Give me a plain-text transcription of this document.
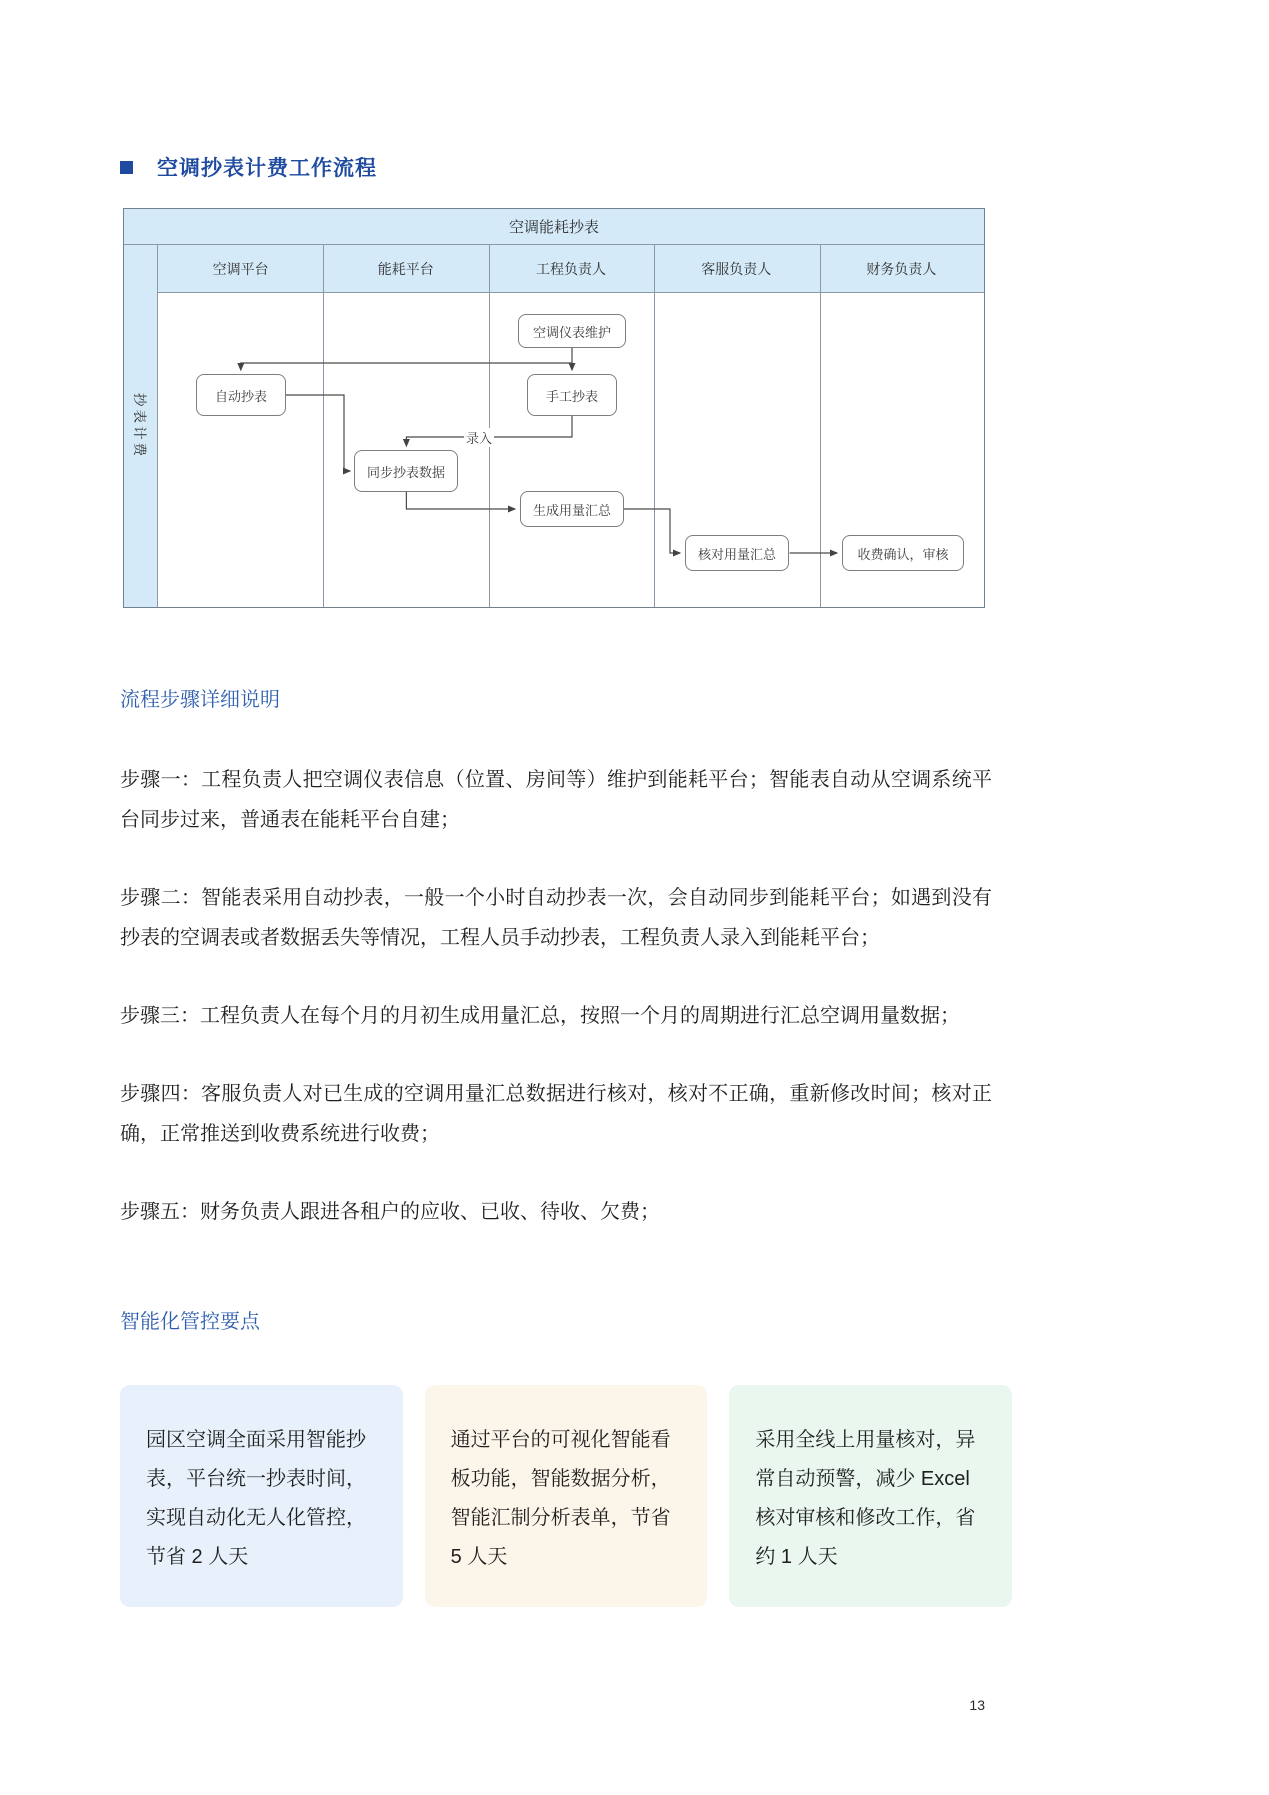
空调抄表计费工作流程
空调能耗抄表
抄表计费
空调平台	能耗平台	工程负责人	客服负责人	财务负责人
空调仪表维护
自动抄表	手工抄表
同步抄表数据
生成用量汇总
核对用量汇总	收费确认，审核
录入
流程步骤详细说明

步骤一：工程负责人把空调仪表信息（位置、房间等）维护到能耗平台；智能表自动从空调系统平台同步过来，普通表在能耗平台自建；

步骤二：智能表采用自动抄表，一般一个小时自动抄表一次，会自动同步到能耗平台；如遇到没有抄表的空调表或者数据丢失等情况，工程人员手动抄表，工程负责人录入到能耗平台；

步骤三：工程负责人在每个月的月初生成用量汇总，按照一个月的周期进行汇总空调用量数据；

步骤四：客服负责人对已生成的空调用量汇总数据进行核对，核对不正确，重新修改时间；核对正确，正常推送到收费系统进行收费；

步骤五：财务负责人跟进各租户的应收、已收、待收、欠费；

智能化管控要点
园区空调全面采用智能抄表，平台统一抄表时间，实现自动化无人化管控，节省 2 人天
通过平台的可视化智能看板功能，智能数据分析，智能汇制分析表单，节省 5 人天
采用全线上用量核对，异常自动预警，减少 Excel 核对审核和修改工作，省约 1 人天
13
